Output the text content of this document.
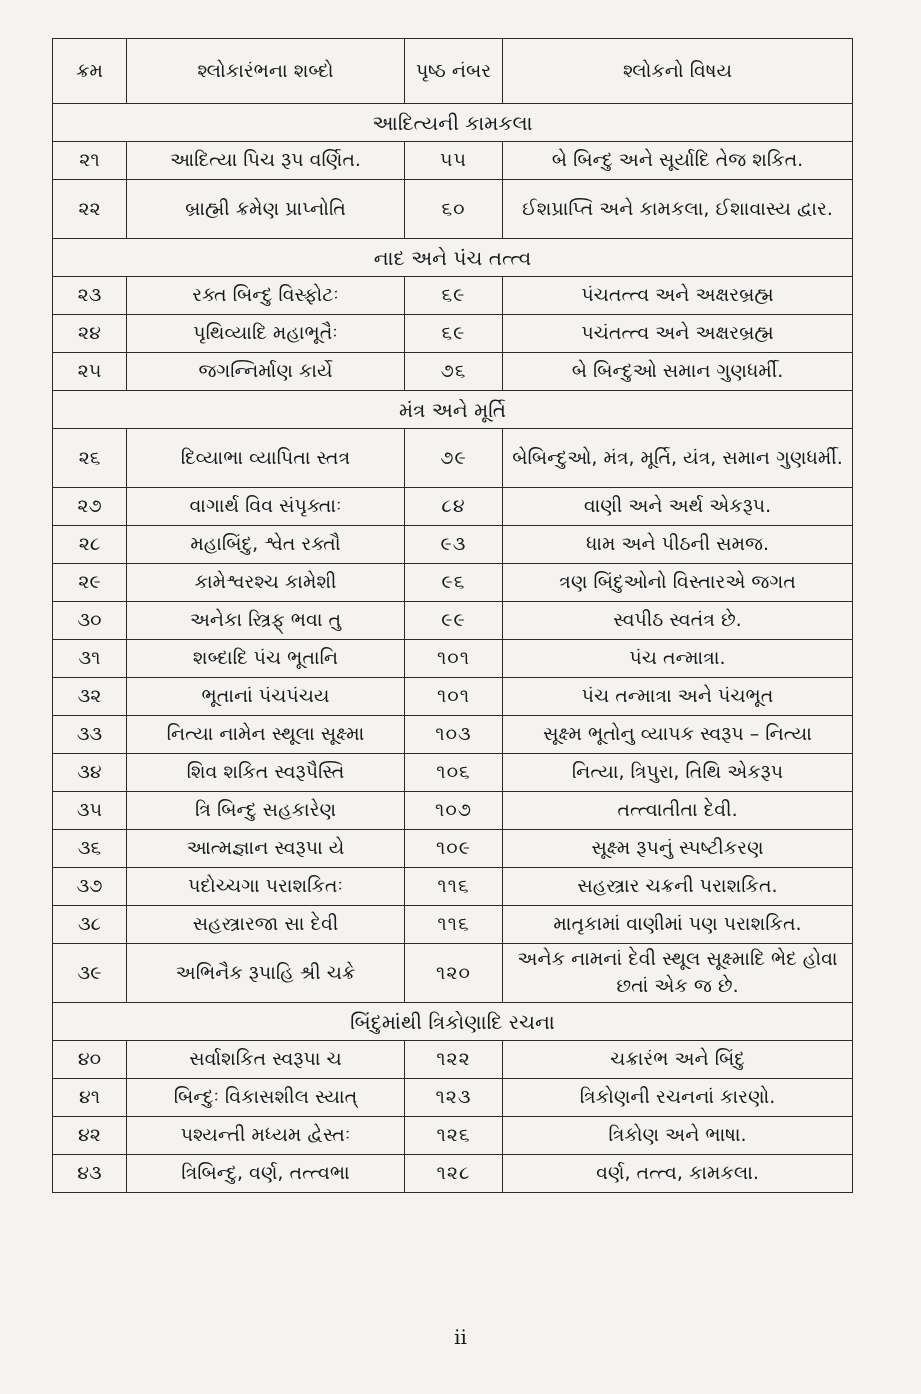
ક્રમ	શ્લોકારંભના શબ્દો	પૃષ્ઠ નંબર	શ્લોકનો વિષય
આદિત્યની કામકલા			
૨૧	આદિત્યા પિચ રૂપ વર્ણિત.	૫૫	બે બિન્દુ અને સૂર્યાદિ તેજ શકિત.
૨૨	બ્રાહ્મી ક્રમેણ પ્રાપ્નોતિ	૬૦	ઈશપ્રાપ્તિ અને કામકલા, ઈશાવાસ્ય દ્વાર.
નાદ અને પંચ તત્ત્વ			
૨૩	રક્ત બિન્દુ વિસ્ફોટઃ	૬૯	પંચતત્ત્વ અને અક્ષરબ્રહ્મ
૨૪	પૃથિવ્યાદિ મહાભૂતૈઃ	૬૯	પચંતત્ત્વ અને અક્ષરબ્રહ્મ
૨૫	જગન્નિર્માણ કાર્યે	૭૬	બે બિન્દુઓ સમાન ગુણધર્મી.
મંત્ર અને મૂર્તિ			
૨૬	દિવ્યાભા વ્યાપિતા સ્તત્ર	૭૯	બેબિન્દુઓ, મંત્ર, મૂર્તિ, યંત્ર, સમાન ગુણધર્મી.
૨૭	વાગાર્થ વિવ સંપૃક્તાઃ	૮૪	વાણી અને અર્થ એકરૂપ.
૨૮	મહાબિંદુ, શ્વેત રક્તૌ	૯૩	ધામ અને પીઠની સમજ.
૨૯	કામેશ્વરશ્ચ કામેશી	૯૬	ત્રણ બિંદુઓનો વિસ્તારએ જગત
૩૦	અનેકા સ્ત્રિફ્ ભવા તુ	૯૯	સ્વપીઠ સ્વતંત્ર છે.
૩૧	શબ્દાદિ પંચ ભૂતાનિ	૧૦૧	પંચ તન્માત્રા.
૩૨	ભૂતાનાં પંચપંચય	૧૦૧	પંચ તન્માત્રા અને પંચભૂત
૩૩	નિત્યા નામેન સ્થૂલા સૂક્ષ્મા	૧૦૩	સૂક્ષ્મ ભૂતોનુ વ્યાપક સ્વરૂપ – નિત્યા
૩૪	શિવ શકિત સ્વરૂપૈસ્તિ	૧૦૬	નિત્યા, ત્રિપુરા, તિથિ એકરૂપ
૩૫	ત્રિ બિન્દુ સહકારેણ	૧૦૭	તત્ત્વાતીતા દેવી.
૩૬	આત્મજ્ઞાન સ્વરૂપા યે	૧૦૯	સૂક્ષ્મ રૂપનું સ્પષ્ટીકરણ
૩૭	પદોચ્ચગા પરાશકિતઃ	૧૧૬	સહસ્ત્રાર ચક્રની પરાશકિત.
૩૮	સહસ્ત્રારજા સા દેવી	૧૧૬	માતૃકામાં વાણીમાં પણ પરાશકિત.
૩૯	અભિનૈક રૂપાહિ શ્રી ચક્રે	૧૨૦	અનેક નામનાં દેવી સ્થૂલ સૂક્ષ્માદિ ભેદ હોવા છતાં એક જ છે.
બિંદુમાંથી ત્રિકોણાદિ રચના			
૪૦	સર્વાશકિત સ્વરૂપા ચ	૧૨૨	ચક્રારંભ અને બિંદુ
૪૧	બિન્દુઃ વિકાસશીલ સ્યાત્	૧૨૩	ત્રિકોણની રચનનાં કારણો.
૪૨	પશ્યન્તી મધ્યમ દ્વેસ્તઃ	૧૨૬	ત્રિકોણ અને ભાષા.
૪૩	ત્રિબિન્દુ, વર્ણ, તત્ત્વભા	૧૨૮	વર્ણ, તત્ત્વ, કામકલા.
ii
